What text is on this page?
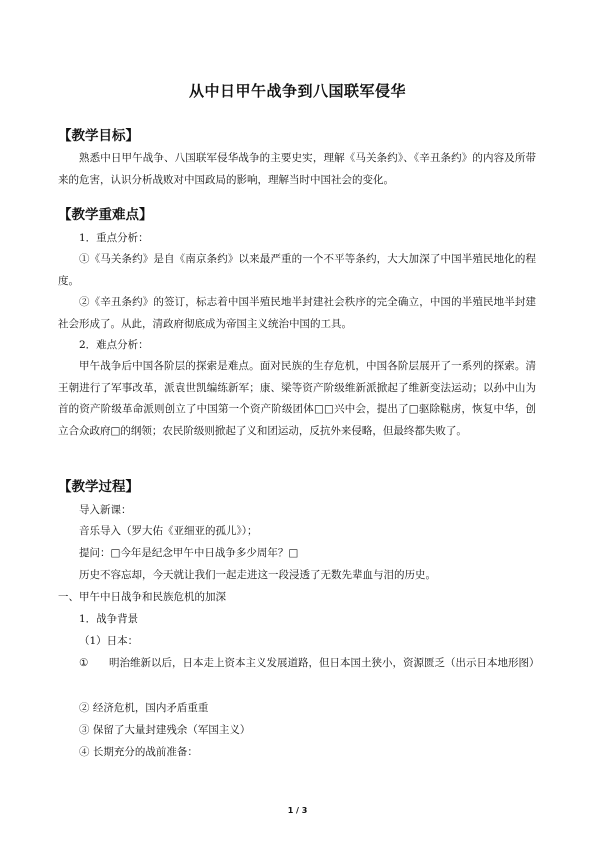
从中日甲午战争到八国联军侵华
【教学目标】
熟悉中日甲午战争、八国联军侵华战争的主要史实，理解《马关条约》、《辛丑条约》的内容及所带来的危害，认识分析战败对中国政局的影响，理解当时中国社会的变化。
【教学重难点】
1．重点分析：
①《马关条约》是自《南京条约》以来最严重的一个不平等条约，大大加深了中国半殖民地化的程度。
②《辛丑条约》的签订，标志着中国半殖民地半封建社会秩序的完全确立，中国的半殖民地半封建社会形成了。从此，清政府彻底成为帝国主义统治中国的工具。
2．难点分析：
甲午战争后中国各阶层的探索是难点。面对民族的生存危机，中国各阶层展开了一系列的探索。清王朝进行了军事改革，派袁世凯编练新军；康、梁等资产阶级维新派掀起了维新变法运动；以孙中山为首的资产阶级革命派则创立了中国第一个资产阶级团体□□兴中会，提出了□驱除鞑虏，恢复中华，创立合众政府□的纲领；农民阶级则掀起了义和团运动，反抗外来侵略，但最终都失败了。
【教学过程】
导入新课：
音乐导入（罗大佑《亚细亚的孤儿》）；
提问：□今年是纪念甲午中日战争多少周年？□
历史不容忘却，今天就让我们一起走进这一段浸透了无数先辈血与泪的历史。
一、甲午中日战争和民族危机的加深
1．战争背景
（1）日本：
①	明治维新以后，日本走上资本主义发展道路，但日本国土狭小，资源匮乏（出示日本地形图）
② 经济危机，国内矛盾重重
③ 保留了大量封建残余（军国主义）
④ 长期充分的战前准备：
1 / 3
